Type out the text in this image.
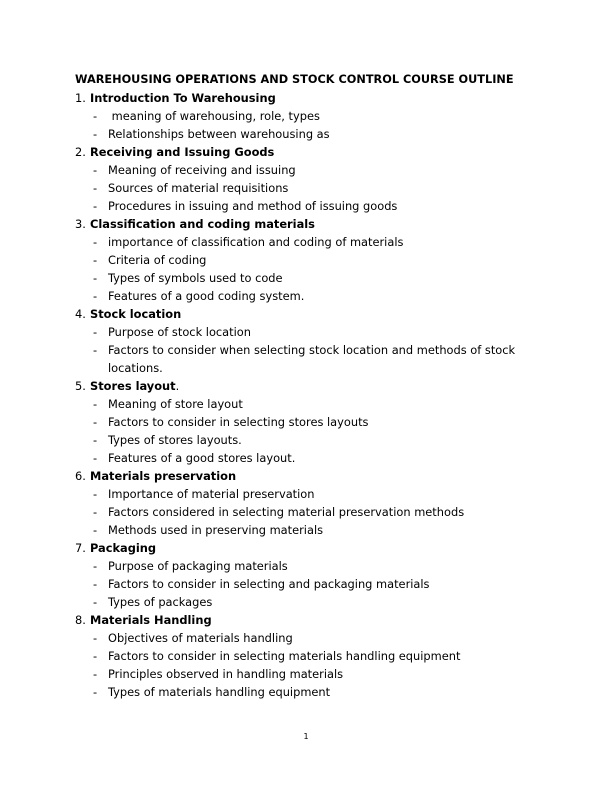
WAREHOUSING OPERATIONS AND STOCK CONTROL COURSE OUTLINE
1. Introduction To Warehousing
- meaning of warehousing, role, types
- Relationships between warehousing as
2. Receiving and Issuing Goods
- Meaning of receiving and issuing
- Sources of material requisitions
- Procedures in issuing and method of issuing goods
3. Classification and coding materials
- importance of classification and coding of materials
- Criteria of coding
- Types of symbols used to code
- Features of a good coding system.
4. Stock location
- Purpose of stock location
- Factors to consider when selecting stock location and methods of stock
locations.
5. Stores layout.
- Meaning of store layout
- Factors to consider in selecting stores layouts
- Types of stores layouts.
- Features of a good stores layout.
6. Materials preservation
- Importance of material preservation
- Factors considered in selecting material preservation methods
- Methods used in preserving materials
7. Packaging
- Purpose of packaging materials
- Factors to consider in selecting and packaging materials
- Types of packages
8. Materials Handling
- Objectives of materials handling
- Factors to consider in selecting materials handling equipment
- Principles observed in handling materials
- Types of materials handling equipment
1
